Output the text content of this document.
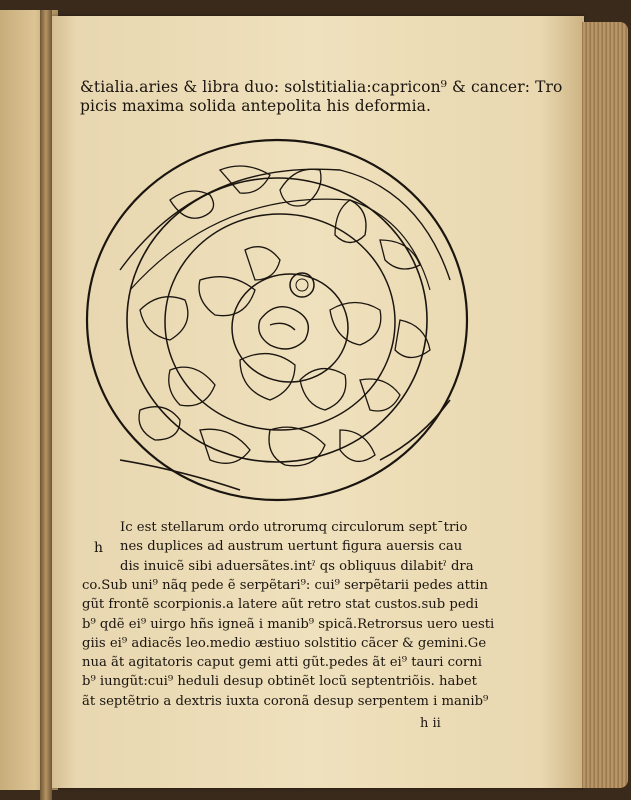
&tialia.aries & libra duo: solstitialia:capricon⁹ & cancer: Tro
picis maxima solida antepolita his deformia.
h
Ic est stellarum ordo utrorumq circulorum sept¯trio
nes duplices ad austrum uertunt figura auersis cau
dis inuicẽ sibi aduersãtes.intˀ qs obliquus dilabitˀ dra
co.Sub uni⁹ nãq pede ẽ serpẽtari⁹: cui⁹ serpẽtarii pedes attin
gũt frontẽ scorpionis.a latere aũt retro stat custos.sub pedi
b⁹ qdẽ ei⁹ uirgo hñs igneã i manib⁹ spicã.Retrorsus uero uesti
giis ei⁹ adiacẽs leo.medio æstiuo solstitio cãcer & gemini.Ge
nua ãt agitatoris caput gemi atti gũt.pedes ãt ei⁹ tauri corni
b⁹ iungũt:cui⁹ heduli desup obtinẽt locũ septentriõis. habet
ãt septẽtrio a dextris iuxta coronã desup serpentem i manib⁹
h ii
